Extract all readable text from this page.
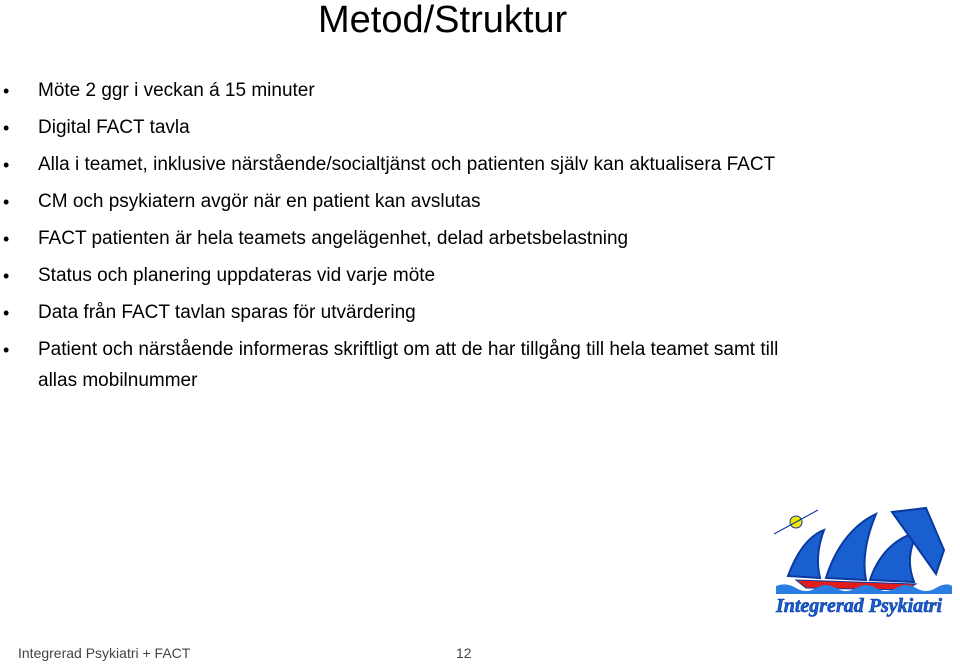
Metod/Struktur
•	Möte 2 ggr i veckan á 15 minuter
•	Digital FACT tavla
•	Alla i teamet, inklusive närstående/socialtjänst och patienten själv kan aktualisera FACT
•	CM och psykiatern avgör när en patient kan avslutas
•	FACT patienten är hela teamets angelägenhet, delad arbetsbelastning
•	Status och planering uppdateras vid varje möte
•	Data från FACT tavlan sparas för utvärdering
•	Patient och närstående informeras skriftligt om att de har tillgång till hela teamet samt till
allas mobilnummer
Integrerad Psykiatri
Integrerad Psykiatri + FACT	12
